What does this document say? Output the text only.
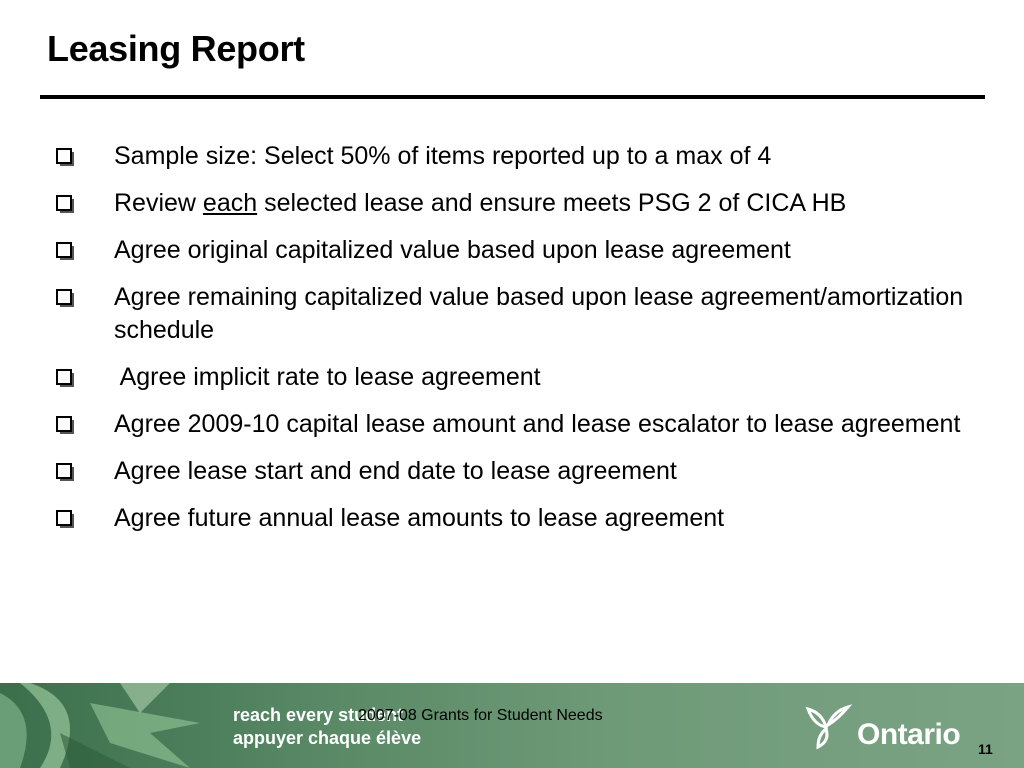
Leasing Report
Sample size: Select 50% of items reported up to a max of 4
Review each selected lease and ensure meets PSG 2 of CICA HB
Agree original capitalized value based upon lease agreement
Agree remaining capitalized value based upon lease agreement/amortization schedule
Agree implicit rate to lease agreement
Agree 2009-10 capital lease amount and lease escalator to lease agreement
Agree lease start and end date to lease agreement
Agree future annual lease amounts to lease agreement
reach every student
appuyer chaque élève
2007-08 Grants for Student Needs
Ontario 11
